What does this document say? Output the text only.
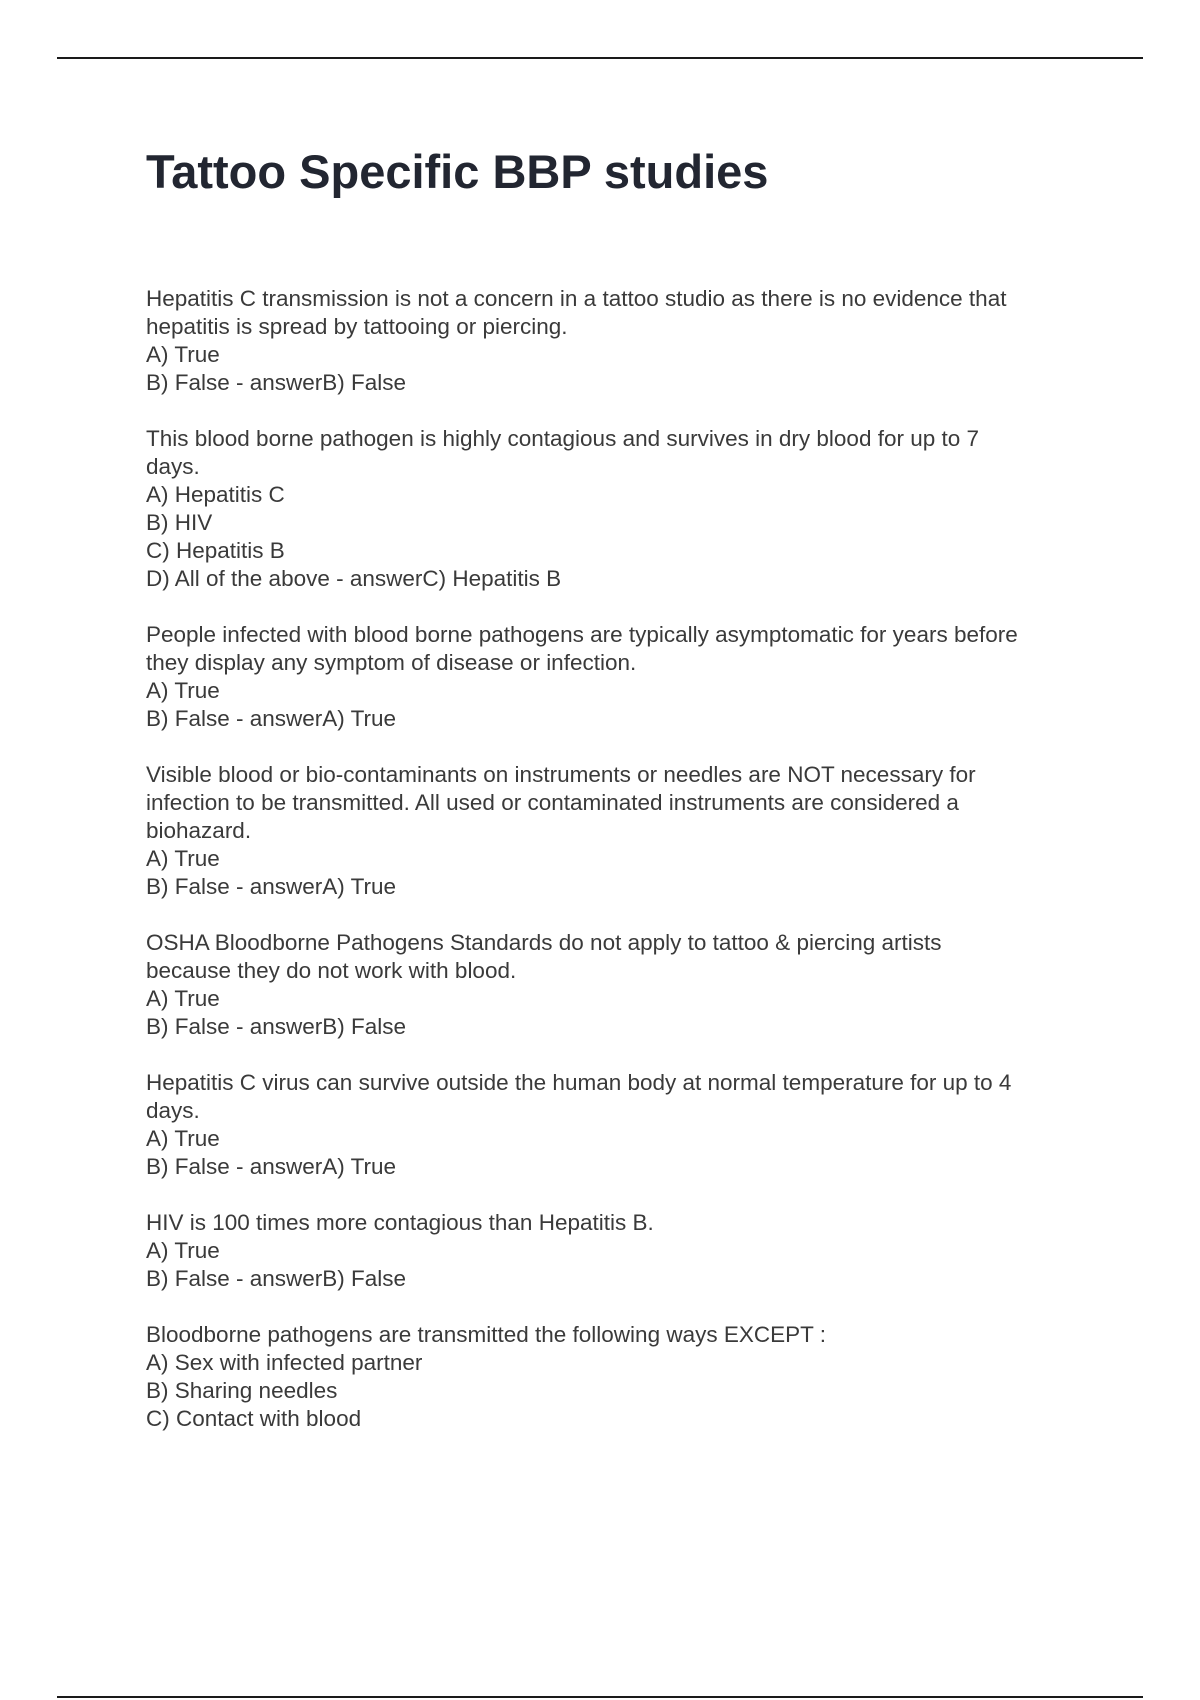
Tattoo Specific BBP studies
Hepatitis C transmission is not a concern in a tattoo studio as there is no evidence that
hepatitis is spread by tattooing or piercing.
A) True
B) False - answerB) False
This blood borne pathogen is highly contagious and survives in dry blood for up to 7
days.
A) Hepatitis C
B) HIV
C) Hepatitis B
D) All of the above - answerC) Hepatitis B
People infected with blood borne pathogens are typically asymptomatic for years before
they display any symptom of disease or infection.
A) True
B) False - answerA) True
Visible blood or bio-contaminants on instruments or needles are NOT necessary for
infection to be transmitted. All used or contaminated instruments are considered a
biohazard.
A) True
B) False - answerA) True
OSHA Bloodborne Pathogens Standards do not apply to tattoo & piercing artists
because they do not work with blood.
A) True
B) False - answerB) False
Hepatitis C virus can survive outside the human body at normal temperature for up to 4
days.
A) True
B) False - answerA) True
HIV is 100 times more contagious than Hepatitis B.
A) True
B) False - answerB) False
Bloodborne pathogens are transmitted the following ways EXCEPT :
A) Sex with infected partner
B) Sharing needles
C) Contact with blood
